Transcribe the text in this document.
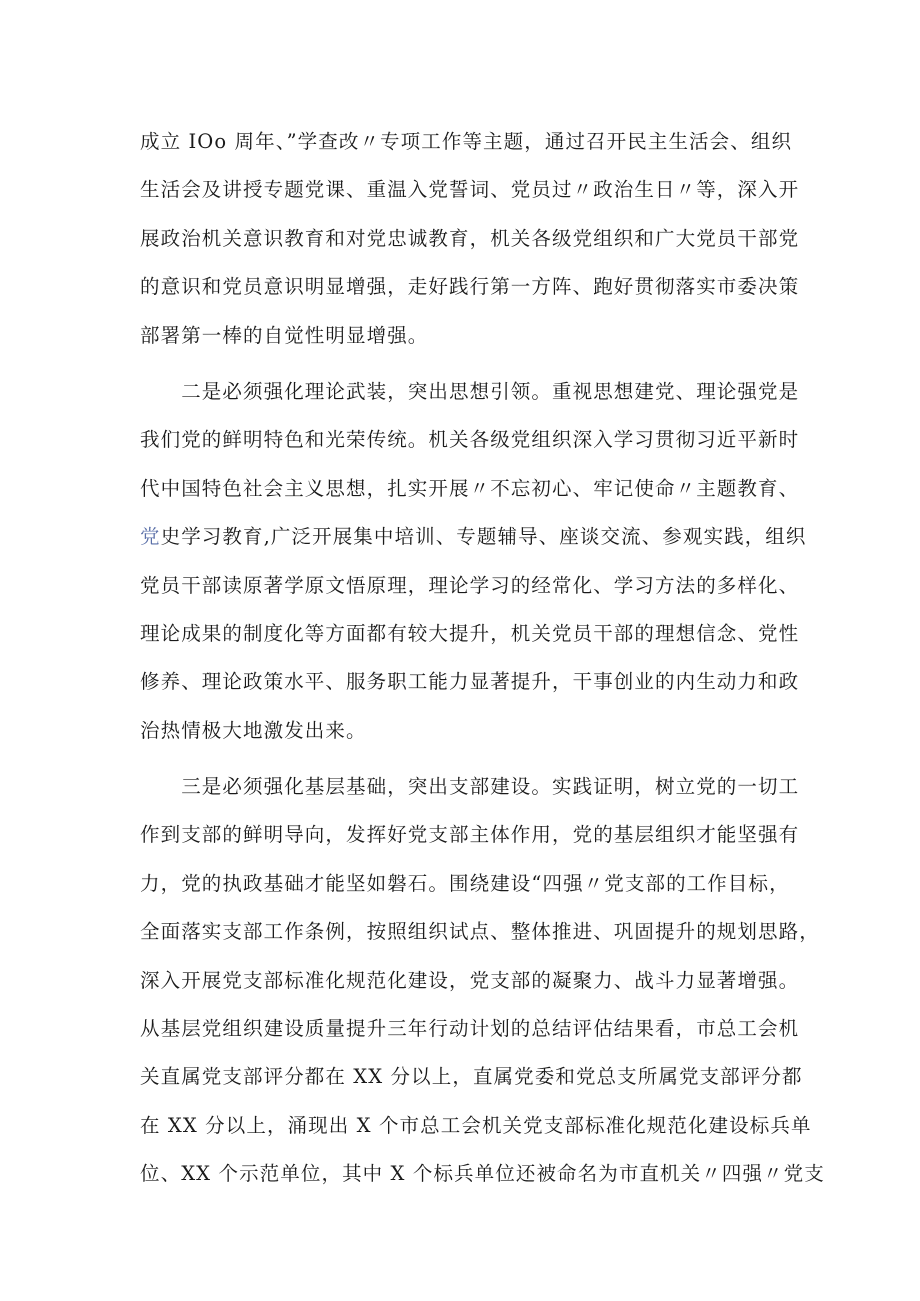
成立 IOo 周年、”学查改〃专项工作等主题，通过召开民主生活会、组织
生活会及讲授专题党课、重温入党誓词、党员过〃政治生日〃等，深入开
展政治机关意识教育和对党忠诚教育，机关各级党组织和广大党员干部党
的意识和党员意识明显增强，走好践行第一方阵、跑好贯彻落实市委决策
部署第一棒的自觉性明显增强。
　　二是必须强化理论武装，突出思想引领。重视思想建党、理论强党是
我们党的鲜明特色和光荣传统。机关各级党组织深入学习贯彻习近平新时
代中国特色社会主义思想，扎实开展〃不忘初心、牢记使命〃主题教育、
党史学习教育,广泛开展集中培训、专题辅导、座谈交流、参观实践，组织
党员干部读原著学原文悟原理，理论学习的经常化、学习方法的多样化、
理论成果的制度化等方面都有较大提升，机关党员干部的理想信念、党性
修养、理论政策水平、服务职工能力显著提升，干事创业的内生动力和政
治热情极大地激发出来。
　　三是必须强化基层基础，突出支部建设。实践证明，树立党的一切工
作到支部的鲜明导向，发挥好党支部主体作用，党的基层组织才能坚强有
力，党的执政基础才能坚如磐石。围绕建设“四强〃党支部的工作目标，
全面落实支部工作条例，按照组织试点、整体推进、巩固提升的规划思路，
深入开展党支部标准化规范化建设，党支部的凝聚力、战斗力显著增强。
从基层党组织建设质量提升三年行动计划的总结评估结果看，市总工会机
关直属党支部评分都在 XX 分以上，直属党委和党总支所属党支部评分都
在 XX 分以上，涌现出 X 个市总工会机关党支部标准化规范化建设标兵单
位、XX 个示范单位，其中 X 个标兵单位还被命名为市直机关〃四强〃党支
